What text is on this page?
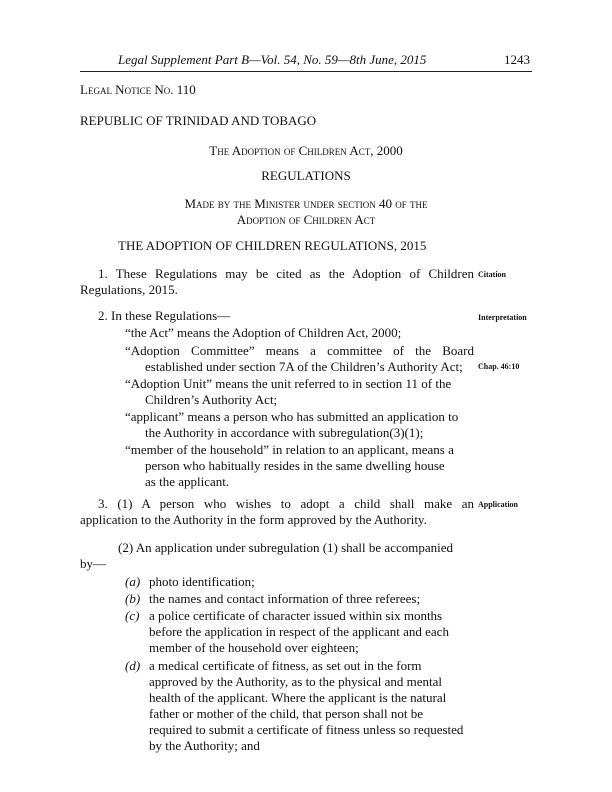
Legal Supplement Part B—Vol. 54, No. 59—8th June, 2015	1243
Legal Notice No. 110
REPUBLIC OF TRINIDAD AND TOBAGO
The Adoption of Children Act, 2000
REGULATIONS
Made by the Minister under section 40 of the
Adoption of Children Act
THE ADOPTION OF CHILDREN REGULATIONS, 2015
1. These Regulations may be cited as the Adoption of Children
Regulations, 2015.
Citation
2. In these Regulations—	Interpretation
“the Act” means the Adoption of Children Act, 2000;
“Adoption Committee” means a committee of the Board
established under section 7A of the Children’s Authority Act; Chap. 46:10
“Adoption Unit” means the unit referred to in section 11 of the
Children’s Authority Act;
“applicant” means a person who has submitted an application to
the Authority in accordance with subregulation(3)(1);
“member of the household” in relation to an applicant, means a
person who habitually resides in the same dwelling house
as the applicant.
3. (1) A person who wishes to adopt a child shall make an
application to the Authority in the form approved by the Authority.
Application
(2) An application under subregulation (1) shall be accompanied
by—
(a) photo identification;
(b) the names and contact information of three referees;
(c) a police certificate of character issued within six months
before the application in respect of the applicant and each
member of the household over eighteen;
(d) a medical certificate of fitness, as set out in the form
approved by the Authority, as to the physical and mental
health of the applicant. Where the applicant is the natural
father or mother of the child, that person shall not be
required to submit a certificate of fitness unless so requested
by the Authority; and
